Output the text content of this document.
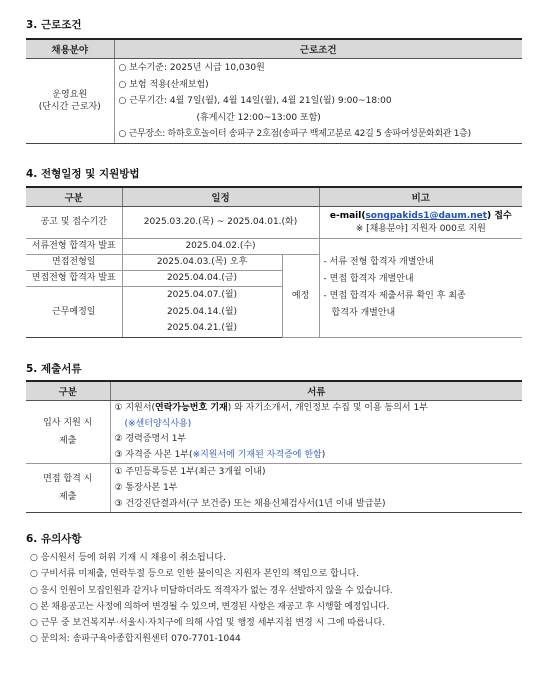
3. 근로조건
채용분야	근로조건

운영요원
(단시간 근로자)	○ 보수기준: 2025년 시급 10,030원
○ 보험 적용(산재보험)
○ 근무기간: 4월 7일(월), 4월 14일(월), 4월 21일(월) 9:00~18:00
(휴게시간 12:00~13:00 포함)
○ 근무장소: 하하호호놀이터 송파구 2호점(송파구 백제고분로 42길 5 송파여성문화회관 1층)
4. 전형일정 및 지원방법
구분	일정		비고
공고 및 접수기간	2025.03.20.(목) ~ 2025.04.01.(화)		e-mail(songpakids1@daum.net) 접수
※ [채용분야] 지원자 000로 지원

서류전형 합격자 발표	2025.04.02.(수)		- 서류 전형 합격자 개별안내
- 면접 합격자 개별안내
- 면접 합격자 제출서류 확인 후 최종
합격자 개별안내

면접전형일	2025.04.03.(목) 오후	예정	
면접전형 합격자 발표	2025.04.04.(금)		
근무예정일	2025.04.07.(월)
2025.04.14.(월)
2025.04.21.(월)		
5. 제출서류
구분	서류

입사 지원 시
제출	① 지원서(연락가능번호 기재) 와 자기소개서, 개인정보 수집 및 이용 동의서 1부
(※센터양식사용)
② 경력증명서 1부
③ 자격증 사본 1부(※지원서에 기재된 자격증에 한함)

면접 합격 시
제출	① 주민등록등본 1부(최근 3개월 이내)
② 통장사본 1부
③ 건강진단결과서(구 보건증) 또는 채용신체검사서(1년 이내 발급분)
6. 유의사항
○ 응시원서 등에 허위 기재 시 채용이 취소됩니다.
○ 구비서류 미제출, 연락두절 등으로 인한 불이익은 지원자 본인의 책임으로 합니다.
○ 응시 인원이 모집인원과 같거나 미달하더라도 적격자가 없는 경우 선발하지 않을 수 있습니다.
○ 본 채용공고는 사정에 의하여 변경될 수 있으며, 변경된 사항은 재공고 후 시행할 예정입니다.
○ 근무 중 보건복지부·서울시·자치구에 의해 사업 및 행정 세부지침 변경 시 그에 따릅니다.
○ 문의처: 송파구육아종합지원센터 070-7701-1044
